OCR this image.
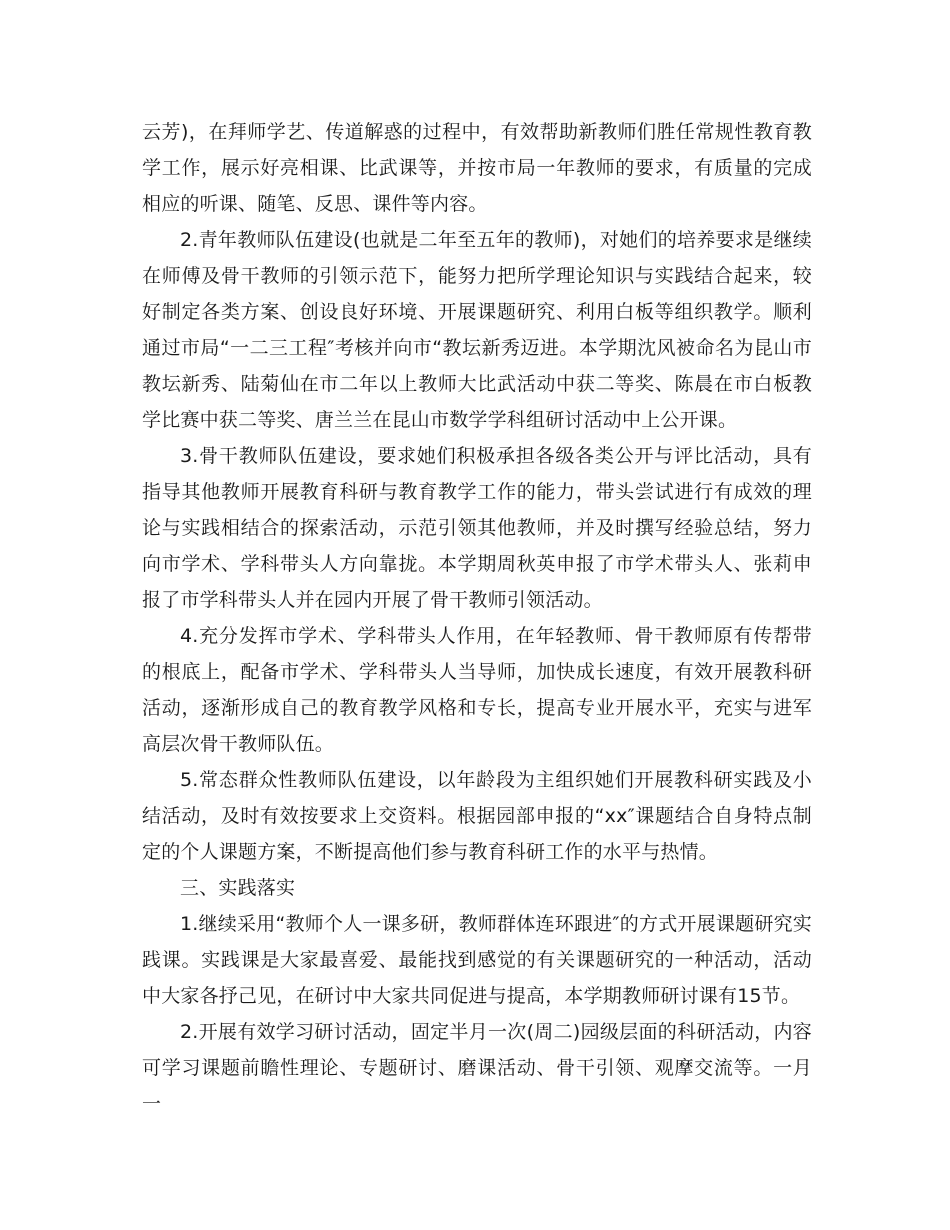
云芳)，在拜师学艺、传道解惑的过程中，有效帮助新教师们胜任常规性教育教学工作，展示好亮相课、比武课等，并按市局一年教师的要求，有质量的完成相应的听课、随笔、反思、课件等内容。

2.青年教师队伍建设(也就是二年至五年的教师)，对她们的培养要求是继续在师傅及骨干教师的引领示范下，能努力把所学理论知识与实践结合起来，较好制定各类方案、创设良好环境、开展课题研究、利用白板等组织教学。顺利通过市局“一二三工程″考核并向市“教坛新秀迈进。本学期沈风被命名为昆山市教坛新秀、陆菊仙在市二年以上教师大比武活动中获二等奖、陈晨在市白板教学比赛中获二等奖、唐兰兰在昆山市数学学科组研讨活动中上公开课。

3.骨干教师队伍建设，要求她们积极承担各级各类公开与评比活动，具有指导其他教师开展教育科研与教育教学工作的能力，带头尝试进行有成效的理论与实践相结合的探索活动，示范引领其他教师，并及时撰写经验总结，努力向市学术、学科带头人方向靠拢。本学期周秋英申报了市学术带头人、张莉申报了市学科带头人并在园内开展了骨干教师引领活动。

4.充分发挥市学术、学科带头人作用，在年轻教师、骨干教师原有传帮带的根底上，配备市学术、学科带头人当导师，加快成长速度，有效开展教科研活动，逐渐形成自己的教育教学风格和专长，提高专业开展水平，充实与进军高层次骨干教师队伍。

5.常态群众性教师队伍建设，以年龄段为主组织她们开展教科研实践及小结活动，及时有效按要求上交资料。根据园部申报的“xx″课题结合自身特点制定的个人课题方案，不断提高他们参与教育科研工作的水平与热情。

三、实践落实

1.继续采用“教师个人一课多研，教师群体连环跟进″的方式开展课题研究实践课。实践课是大家最喜爱、最能找到感觉的有关课题研究的一种活动，活动中大家各抒己见，在研讨中大家共同促进与提高，本学期教师研讨课有15节。

2.开展有效学习研讨活动，固定半月一次(周二)园级层面的科研活动，内容可学习课题前瞻性理论、专题研讨、磨课活动、骨干引领、观摩交流等。一月一
